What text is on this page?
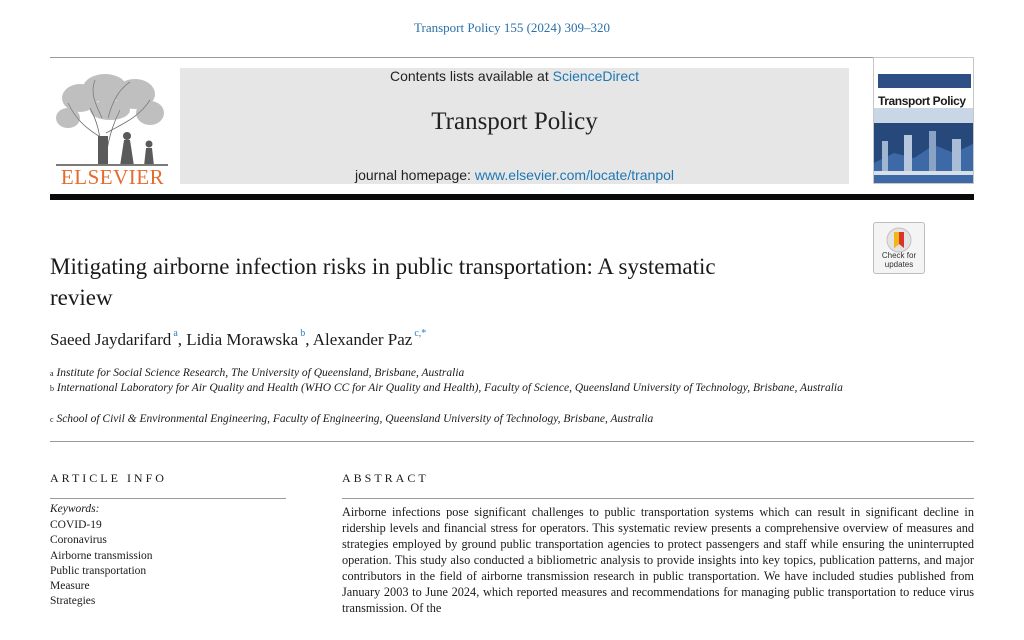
Transport Policy 155 (2024) 309–320
ELSEVIER
Contents lists available at ScienceDirect
Transport Policy
journal homepage: www.elsevier.com/locate/tranpol
Transport Policy
Check for
updates
Mitigating airborne infection risks in public transportation: A systematic review
Saeed Jaydarifard  $^a$, Lidia Morawska  $^b$, Alexander Paz  $^{c,*}$
$^a$ Institute for Social Science Research, The University of Queensland, Brisbane, Australia
$^b$ International Laboratory for Air Quality and Health (WHO CC for Air Quality and Health), Faculty of Science, Queensland University of Technology, Brisbane, Australia
$^c$ School of Civil & Environmental Engineering, Faculty of Engineering, Queensland University of Technology, Brisbane, Australia
ARTICLE INFO
Keywords:
COVID-19
Coronavirus
Airborne transmission
Public transportation
Measure
Strategies
ABSTRACT
Airborne infections pose significant challenges to public transportation systems which can result in significant decline in ridership levels and financial stress for operators. This systematic review presents a comprehensive overview of measures and strategies employed by ground public transportation agencies to protect passengers and staff while ensuring the uninterrupted operation. This study also conducted a bibliometric analysis to provide insights into key topics, publication patterns, and major contributors in the field of airborne transmission research in public transportation. We have included studies published from January 2003 to June 2024, which reported measures and recommendations for managing public transportation to reduce virus transmission. Of the
